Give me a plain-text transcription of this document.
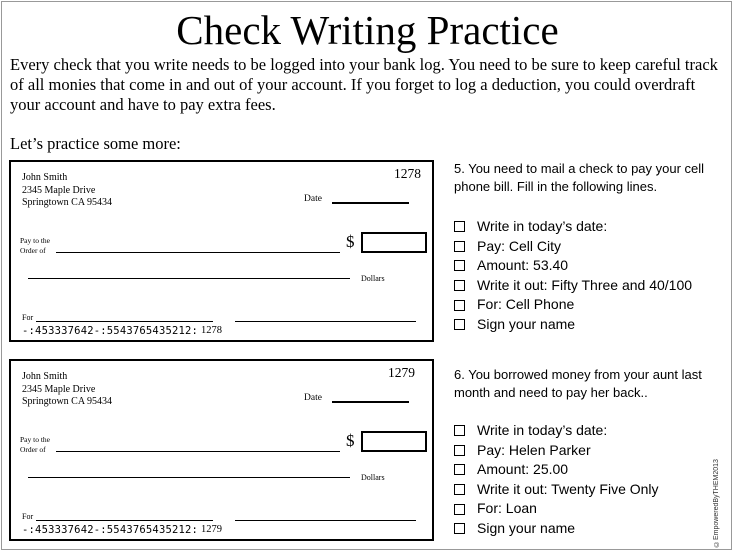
Check Writing Practice

Every check that you write needs to be logged into your bank log. You need to be sure to keep careful track of all monies that come in and out of your account. If you forget to log a deduction, you could overdraft your account and have to pay extra fees.

Let’s practice some more:
John Smith
2345 Maple Drive
Springtown CA 95434
1278
Date
Pay to the
Order of	$
Dollars
For
-:453337642-:5543765435212: 1278
John Smith
2345 Maple Drive
Springtown CA 95434
1279
Date
Pay to the
Order of	$
Dollars
For
-:453337642-:5543765435212: 1279

5. You need to mail a check to pay your cell phone bill. Fill in the following lines.

Write in today’s date:
Pay: Cell City
Amount: 53.40
Write it out: Fifty Three and 40/100
For: Cell Phone
Sign your name

6. You borrowed money from your aunt last month and need to pay her back..

Write in today’s date:
Pay: Helen Parker
Amount: 25.00
Write it out: Twenty Five Only
For: Loan
Sign your name	©EmpoweredByTHEM2013
